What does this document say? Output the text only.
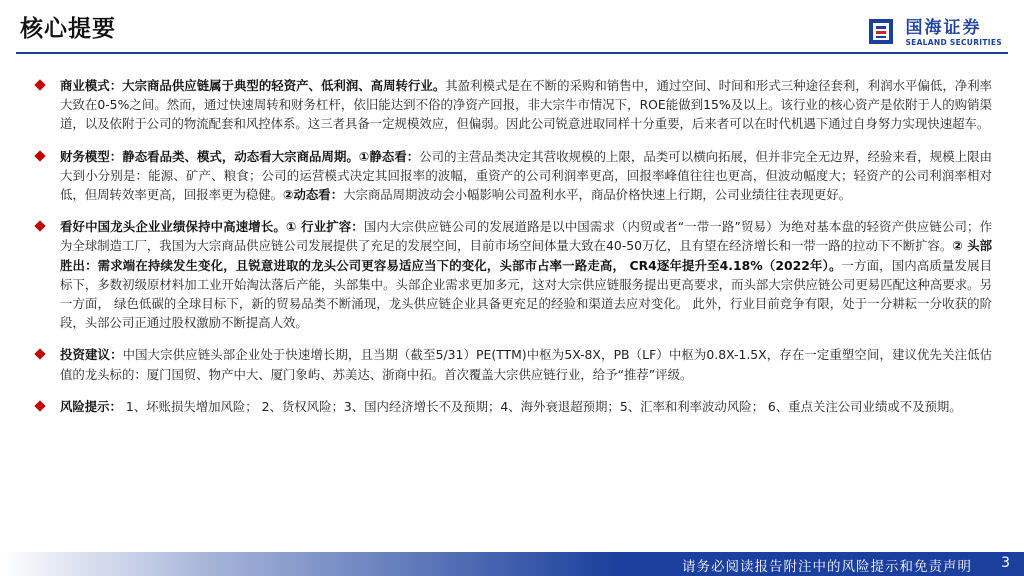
核心提要	国海证券
SEALAND SECURITIES
商业模式：大宗商品供应链属于典型的轻资产、低利润、高周转行业。其盈利模式是在不断的采购和销售中，通过空间、时间和形式三种途径套利，利润水平偏低，净利率大致在0-5%之间。然而，通过快速周转和财务杠杆，依旧能达到不俗的净资产回报，非大宗牛市情况下，ROE能做到15%及以上。该行业的核心资产是依附于人的购销渠道，以及依附于公司的物流配套和风控体系。这三者具备一定规模效应，但偏弱。因此公司锐意进取同样十分重要，后来者可以在时代机遇下通过自身努力实现快速超车。
财务模型：静态看品类、模式，动态看大宗商品周期。①静态看：公司的主营品类决定其营收规模的上限，品类可以横向拓展，但并非完全无边界，经验来看，规模上限由大到小分别是：能源、矿产、粮食；公司的运营模式决定其回报率的波幅，重资产的公司利润率更高，回报率峰值往往也更高，但波动幅度大；轻资产的公司利润率相对低，但周转效率更高，回报率更为稳健。②动态看：大宗商品周期波动会小幅影响公司盈利水平，商品价格快速上行期，公司业绩往往表现更好。
看好中国龙头企业业绩保持中高速增长。① 行业扩容：国内大宗供应链公司的发展道路是以中国需求（内贸或者“一带一路”贸易）为绝对基本盘的轻资产供应链公司；作为全球制造工厂，我国为大宗商品供应链公司发展提供了充足的发展空间，目前市场空间体量大致在40-50万亿，且有望在经济增长和一带一路的拉动下不断扩容。② 头部胜出：需求端在持续发生变化，且锐意进取的龙头公司更容易适应当下的变化，头部市占率一路走高， CR4逐年提升至4.18%（2022年）。一方面，国内高质量发展目标下，多数初级原材料加工业开始淘汰落后产能，头部集中。头部企业需求更加多元，这对大宗供应链服务提出更高要求，而头部大宗供应链公司更易匹配这种高要求。另一方面， 绿色低碳的全球目标下，新的贸易品类不断涌现，龙头供应链企业具备更充足的经验和渠道去应对变化。 此外，行业目前竞争有限，处于一分耕耘一分收获的阶段，头部公司正通过股权激励不断提高人效。
投资建议：中国大宗供应链头部企业处于快速增长期，且当期（截至5/31）PE(TTM)中枢为5X-8X，PB（LF）中枢为0.8X-1.5X，存在一定重塑空间，建议优先关注低估值的龙头标的：厦门国贸、物产中大、厦门象屿、苏美达、浙商中拓。首次覆盖大宗供应链行业，给予“推荐”评级。
风险提示： 1、坏账损失增加风险； 2、货权风险；3、国内经济增长不及预期；4、海外衰退超预期；5、汇率和利率波动风险； 6、重点关注公司业绩或不及预期。
请务必阅读报告附注中的风险提示和免责声明 3
